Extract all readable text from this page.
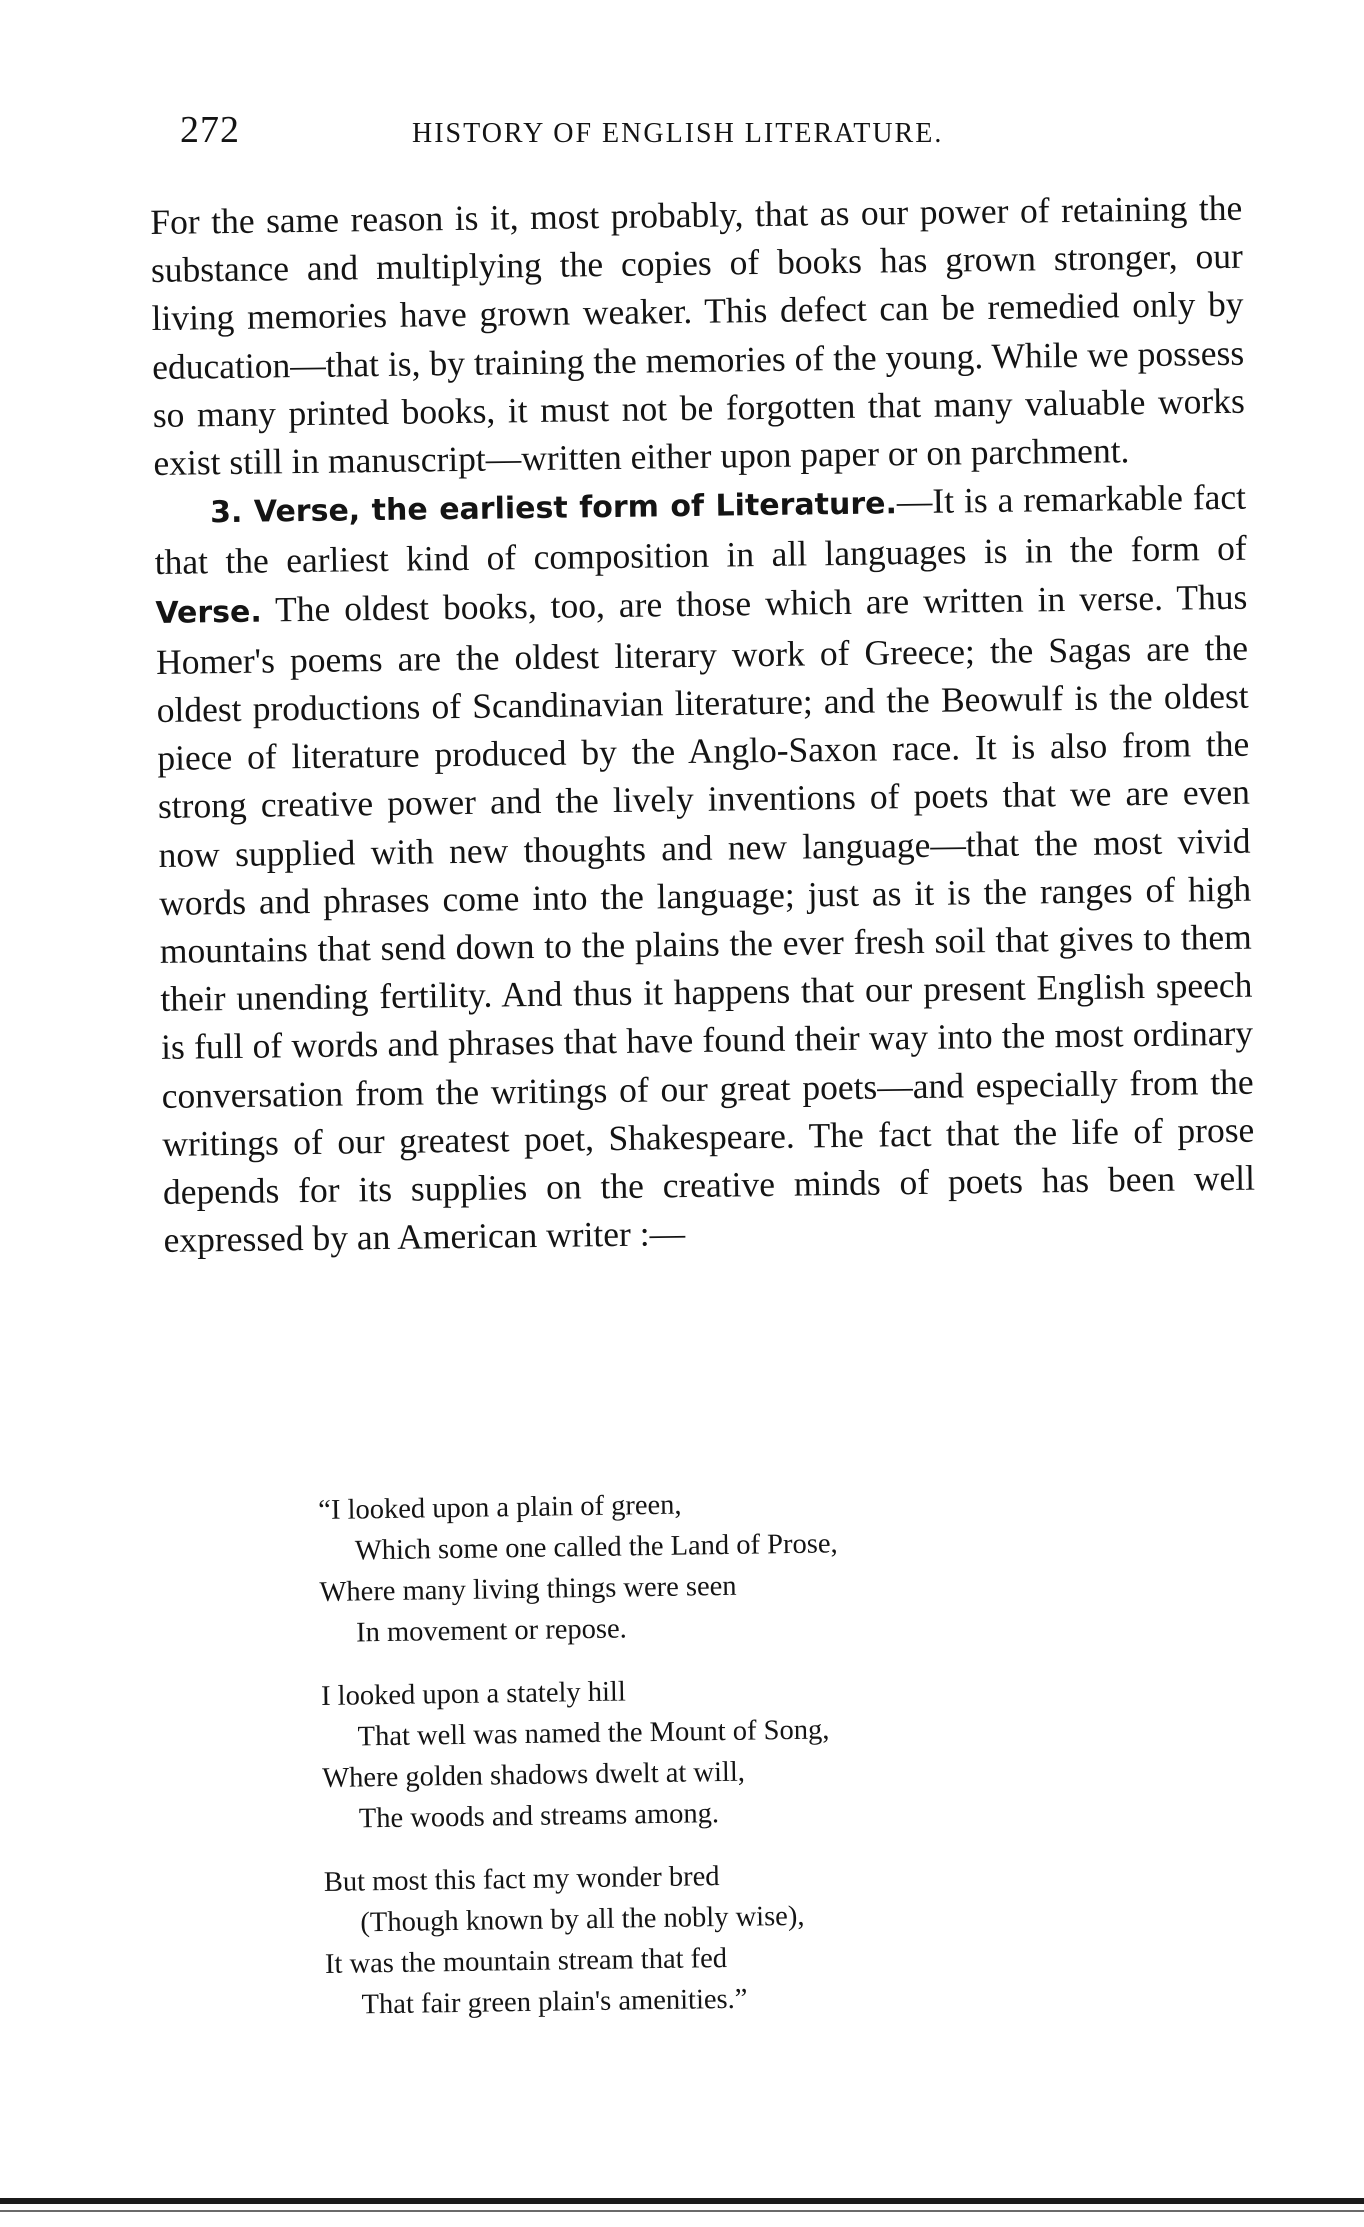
272	HISTORY OF ENGLISH LITERATURE.

For the same reason is it, most probably, that as our power of retaining the substance and multiplying the copies of books has grown stronger, our living memories have grown weaker. This defect can be remedied only by education—that is, by training the memories of the young. While we possess so many printed books, it must not be forgotten that many valuable works exist still in manuscript—written either upon paper or on parchment.

3. Verse, the earliest form of Literature.—It is a remarkable fact that the earliest kind of composition in all languages is in the form of Verse. The oldest books, too, are those which are written in verse. Thus Homer's poems are the oldest literary work of Greece; the Sagas are the oldest productions of Scandinavian literature; and the Beowulf is the oldest piece of literature produced by the Anglo-Saxon race. It is also from the strong creative power and the lively inventions of poets that we are even now supplied with new thoughts and new language—that the most vivid words and phrases come into the language; just as it is the ranges of high mountains that send down to the plains the ever fresh soil that gives to them their unending fertility. And thus it happens that our present English speech is full of words and phrases that have found their way into the most ordinary conversation from the writings of our great poets—and especially from the writings of our greatest poet, Shakespeare. The fact that the life of prose depends for its supplies on the creative minds of poets has been well expressed by an American writer :—

“I looked upon a plain of green,
Which some one called the Land of Prose,
Where many living things were seen
In movement or repose.
I looked upon a stately hill
That well was named the Mount of Song,
Where golden shadows dwelt at will,
The woods and streams among.
But most this fact my wonder bred
(Though known by all the nobly wise),
It was the mountain stream that fed
That fair green plain's amenities.”
